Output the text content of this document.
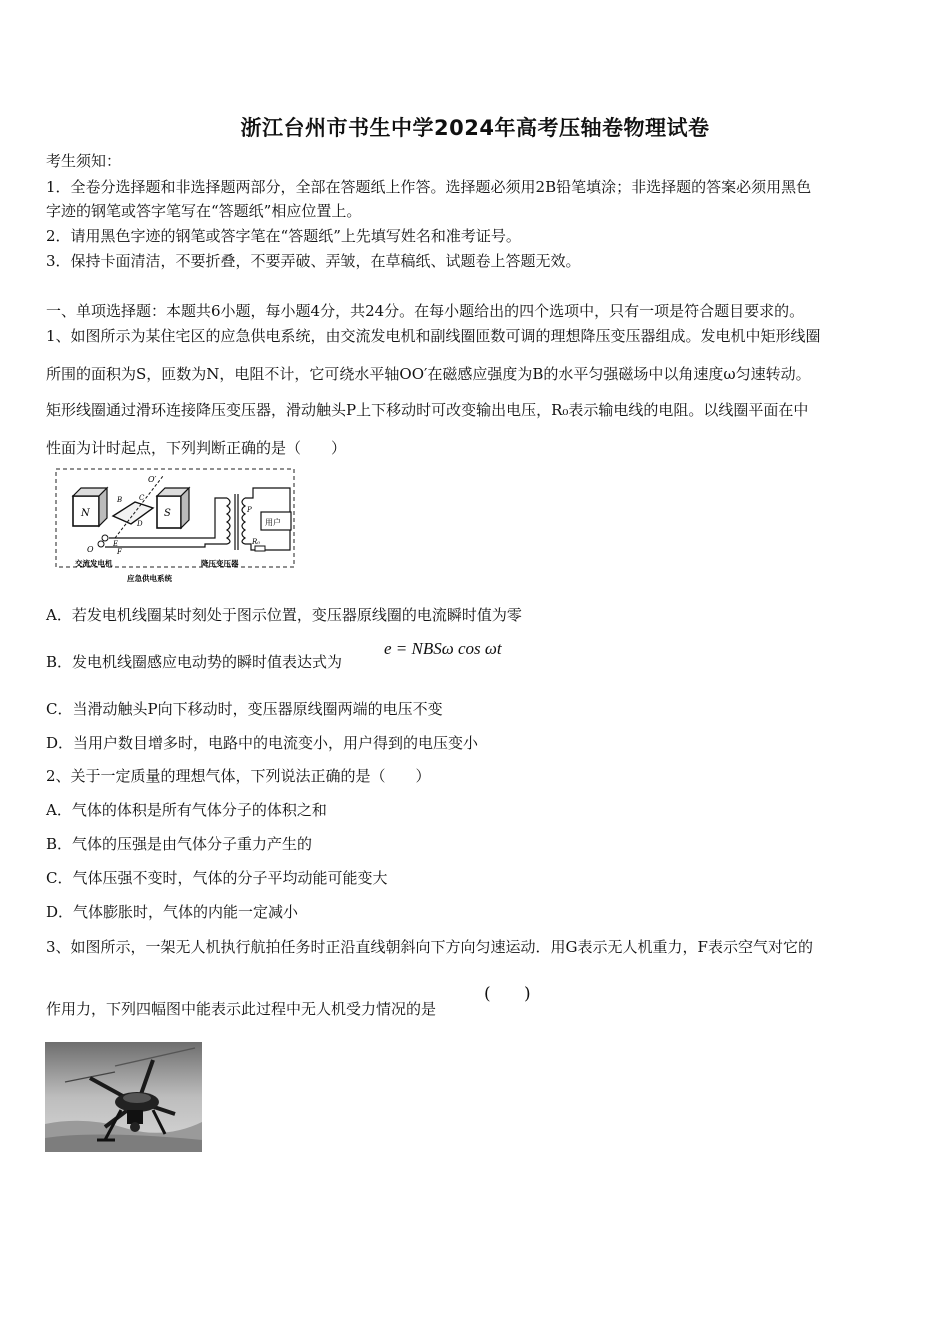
浙江台州市书生中学2024年高考压轴卷物理试卷
考生须知：
1．全卷分选择题和非选择题两部分，全部在答题纸上作答。选择题必须用2B铅笔填涂；非选择题的答案必须用黑色
字迹的钢笔或答字笔写在“答题纸”相应位置上。
2．请用黑色字迹的钢笔或答字笔在“答题纸”上先填写姓名和准考证号。
3．保持卡面清洁，不要折叠，不要弄破、弄皱，在草稿纸、试题卷上答题无效。
一、单项选择题：本题共6小题，每小题4分，共24分。在每小题给出的四个选项中，只有一项是符合题目要求的。
1、如图所示为某住宅区的应急供电系统，由交流发电机和副线圈匝数可调的理想降压变压器组成。发电机中矩形线圈
所围的面积为S，匝数为N，电阻不计，它可绕水平轴OO′在磁感应强度为B的水平匀强磁场中以角速度ω匀速转动。
矩形线圈通过滑环连接降压变压器，滑动触头P上下移动时可改变输出电压，R₀表示输电线的电阻。以线圈平面在中
性面为计时起点，下列判断正确的是（　　）
N	S
O′
O
B C
D
E
F
P
用户
R₀
交流发电机	降压变压器
应急供电系统
A．若发电机线圈某时刻处于图示位置，变压器原线圈的电流瞬时值为零
B．发电机线圈感应电动势的瞬时值表达式为
e = NBSω cos ωt
C．当滑动触头P向下移动时，变压器原线圈两端的电压不变
D．当用户数目增多时，电路中的电流变小，用户得到的电压变小
2、关于一定质量的理想气体，下列说法正确的是（　　）
A．气体的体积是所有气体分子的体积之和
B．气体的压强是由气体分子重力产生的
C．气体压强不变时，气体的分子平均动能可能变大
D．气体膨胀时，气体的内能一定减小
3、如图所示，一架无人机执行航拍任务时正沿直线朝斜向下方向匀速运动．用G表示无人机重力，F表示空气对它的
作用力，下列四幅图中能表示此过程中无人机受力情况的是
( )
